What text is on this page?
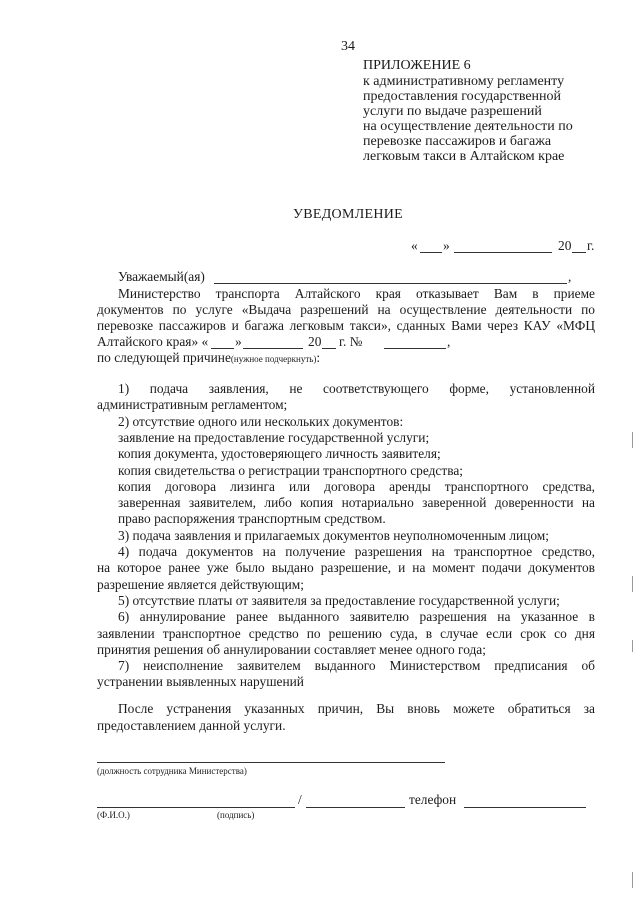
34
ПРИЛОЖЕНИЕ 6
к административному регламенту
предоставления государственной
услуги по выдаче разрешений
на осуществление деятельности по
перевозке пассажиров и багажа
легковым такси в Алтайском крае
УВЕДОМЛЕНИЕ
« »	20 г.
Уважаемый(ая)	,
Министерство транспорта Алтайского края отказывает Вам в приеме
документов по услуге «Выдача разрешений на осуществление деятельности по
перевозке пассажиров и багажа легковым такси», сданных Вами через КАУ «МФЦ
Алтайского края» « »	20 г. №	,
по следующей причине(нужное подчеркнуть):
1) подача заявления, не соответствующего форме, установленной
административным регламентом;
2) отсутствие одного или нескольких документов:
заявление на предоставление государственной услуги;
копия документа, удостоверяющего личность заявителя;
копия свидетельства о регистрации транспортного средства;
копия договора лизинга или договора аренды транспортного средства,
заверенная заявителем, либо копия нотариально заверенной доверенности на
право распоряжения транспортным средством.
3) подача заявления и прилагаемых документов неуполномоченным лицом;
4) подача документов на получение разрешения на транспортное средство,
на которое ранее уже было выдано разрешение, и на момент подачи документов
разрешение является действующим;
5) отсутствие платы от заявителя за предоставление государственной услуги;
6) аннулирование ранее выданного заявителю разрешения на указанное в
заявлении транспортное средство по решению суда, в случае если срок со дня
принятия решения об аннулировании составляет менее одного года;
7) неисполнение заявителем выданного Министерством предписания об
устранении выявленных нарушений
После устранения указанных причин, Вы вновь можете обратиться за
предоставлением данной услуги.
(должность сотрудника Министерства)
/	телефон
(Ф.И.О.)	(подпись)
